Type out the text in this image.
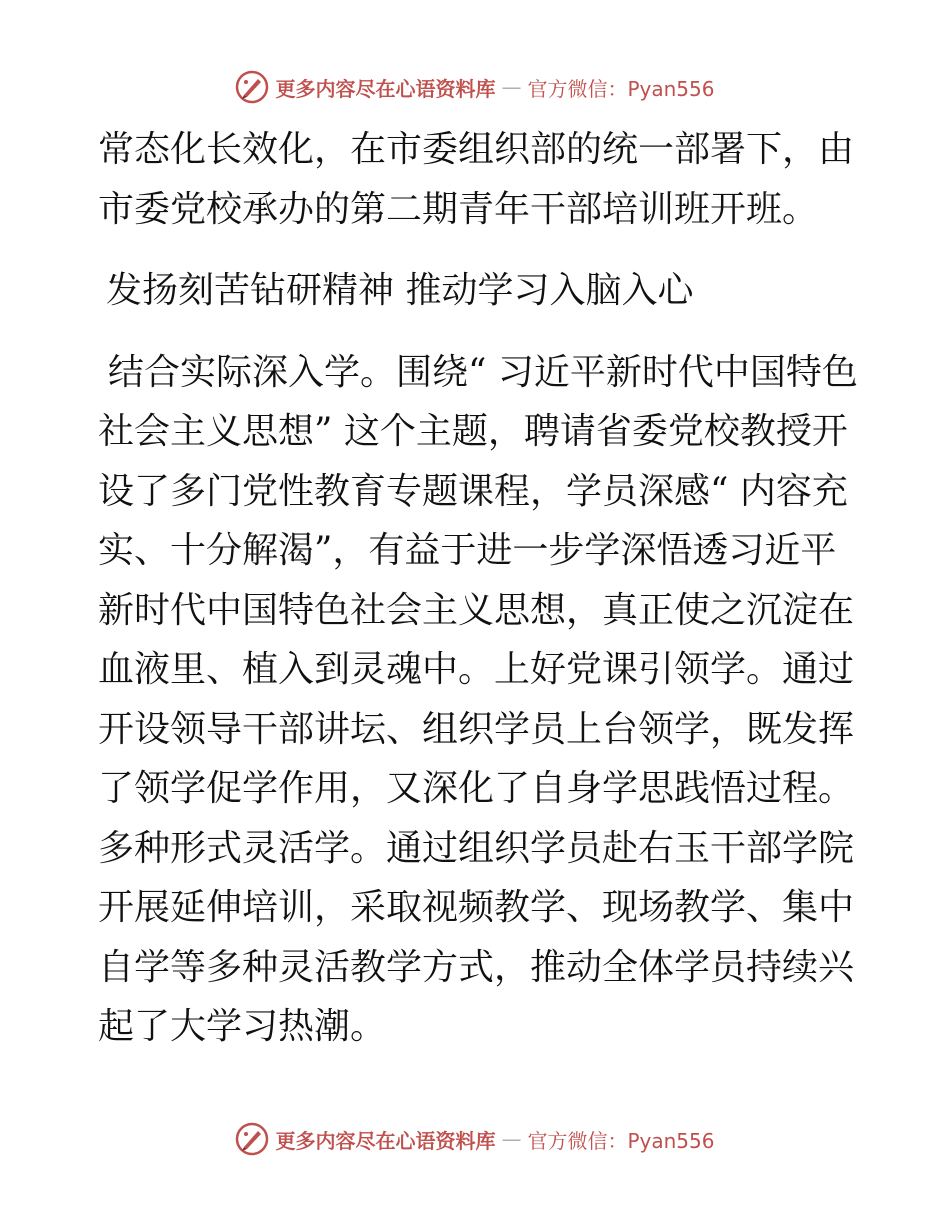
更多内容尽在心语资料库 — 官方微信：Pyan556

常态化长效化，在市委组织部的统一部署下，由市委党校承办的第二期青年干部培训班开班。

发扬刻苦钻研精神 推动学习入脑入心

结合实际深入学。围绕“ 习近平新时代中国特色社会主义思想” 这个主题，聘请省委党校教授开设了多门党性教育专题课程，学员深感“ 内容充实、十分解渴”，有益于进一步学深悟透习近平新时代中国特色社会主义思想，真正使之沉淀在血液里、植入到灵魂中。上好党课引领学。通过开设领导干部讲坛、组织学员上台领学，既发挥了领学促学作用，又深化了自身学思践悟过程。多种形式灵活学。通过组织学员赴右玉干部学院开展延伸培训，采取视频教学、现场教学、集中自学等多种灵活教学方式，推动全体学员持续兴起了大学习热潮。

更多内容尽在心语资料库 — 官方微信：Pyan556
